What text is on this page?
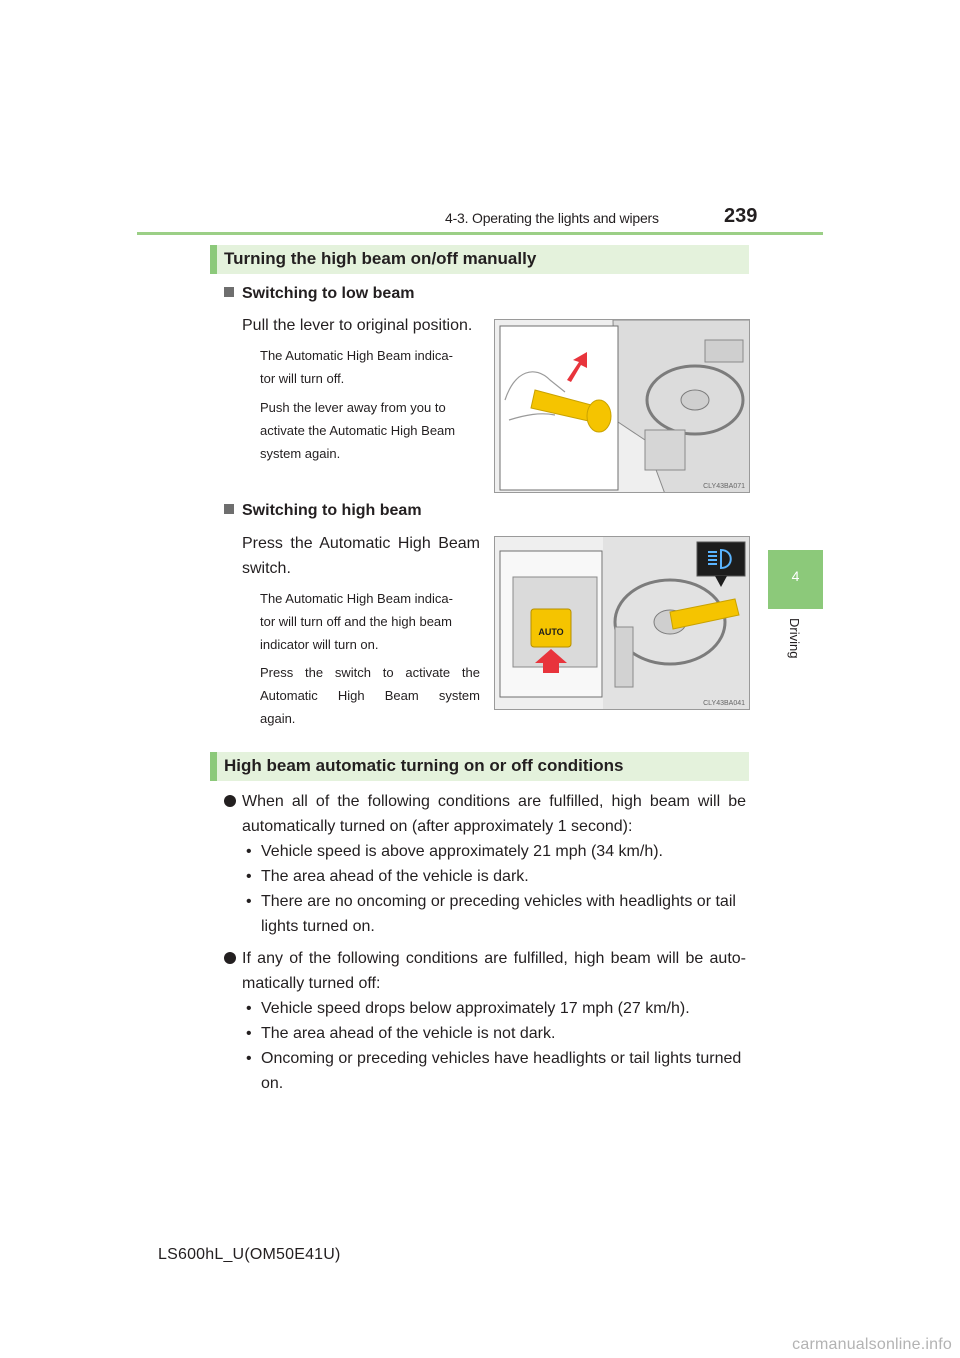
4-3. Operating the lights and wipers	239
4
Driving
Turning the high beam on/off manually
Switching to low beam
Pull the lever to original position.
The Automatic High Beam indica-
tor will turn off.
Push the lever away from you to
activate the Automatic High Beam
system again.
CLY43BA071
Switching to high beam
Press the Automatic High Beam
switch.
The Automatic High Beam indica-
tor will turn off and the high beam
indicator will turn on.
Press the switch to activate the
Automatic High Beam system
again.
AUTO
CLY43BA041
High beam automatic turning on or off conditions
When all of the following conditions are fulfilled, high beam will be
automatically turned on (after approximately 1 second):
• Vehicle speed is above approximately 21 mph (34 km/h).
• The area ahead of the vehicle is dark.
• There are no oncoming or preceding vehicles with headlights or tail lights turned on.
If any of the following conditions are fulfilled, high beam will be auto-
matically turned off:
• Vehicle speed drops below approximately 17 mph (27 km/h).
• The area ahead of the vehicle is not dark.
• Oncoming or preceding vehicles have headlights or tail lights turned on.
LS600hL_U(OM50E41U)
carmanualsonline.info
